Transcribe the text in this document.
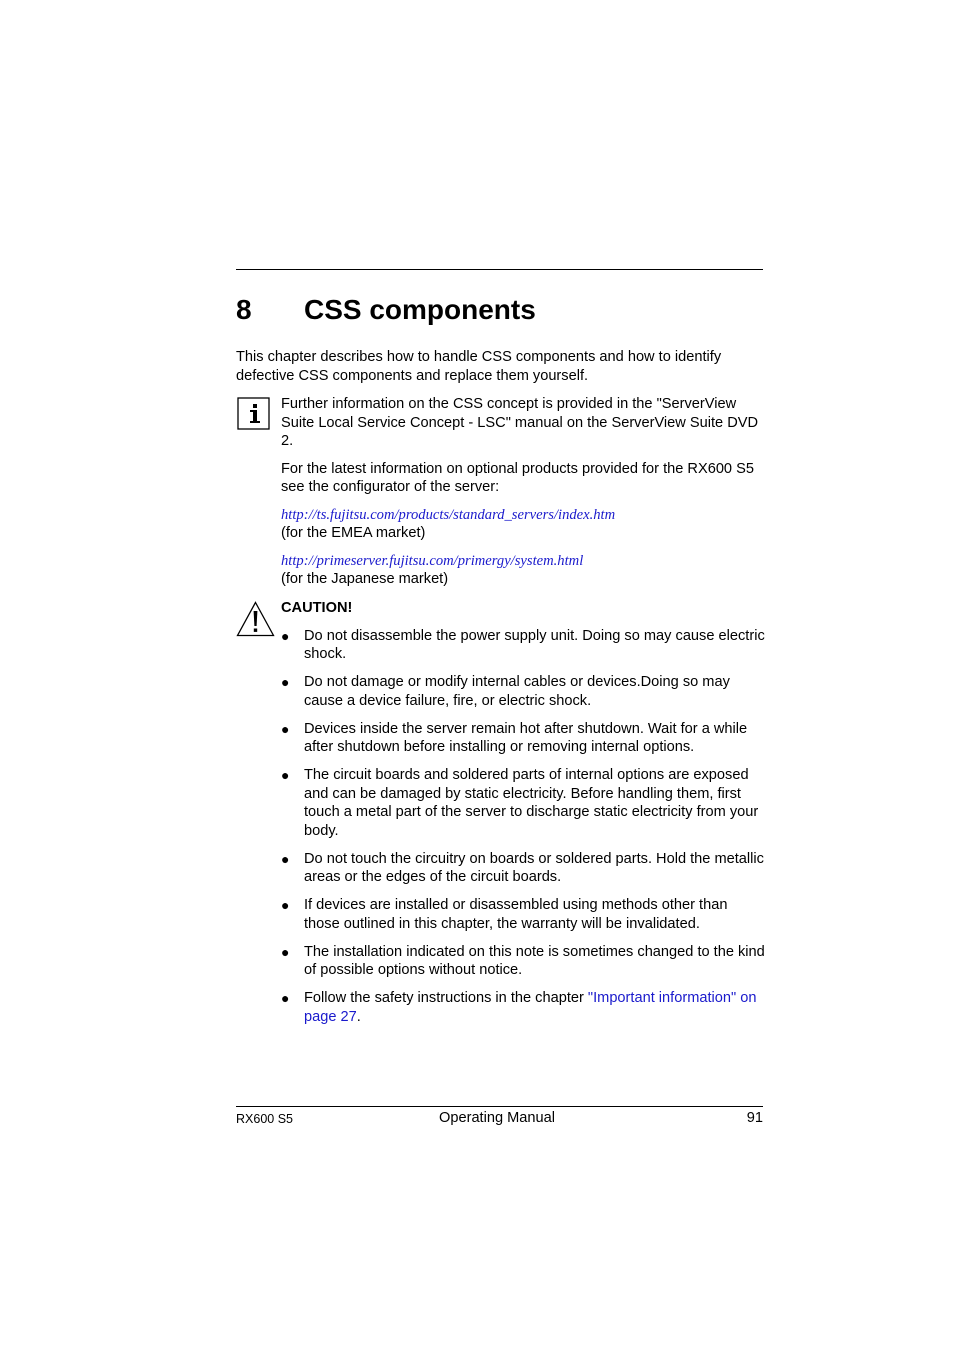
8 CSS components
This chapter describes how to handle CSS components and how to identify defective CSS components and replace them yourself.

Further information on the CSS concept is provided in the "ServerView Suite Local Service Concept - LSC" manual on the ServerView Suite DVD 2.

For the latest information on optional products provided for the RX600 S5 see the configurator of the server:

http://ts.fujitsu.com/products/standard_servers/index.htm
(for the EMEA market)

http://primeserver.fujitsu.com/primergy/system.html
(for the Japanese market)

CAUTION!
● Do not disassemble the power supply unit. Doing so may cause electric shock.
● Do not damage or modify internal cables or devices.Doing so may cause a device failure, fire, or electric shock.
● Devices inside the server remain hot after shutdown. Wait for a while after shutdown before installing or removing internal options.
● The circuit boards and soldered parts of internal options are exposed and can be damaged by static electricity. Before handling them, first touch a metal part of the server to discharge static electricity from your body.
● Do not touch the circuitry on boards or soldered parts. Hold the metallic areas or the edges of the circuit boards.
● If devices are installed or disassembled using methods other than those outlined in this chapter, the warranty will be invalidated.
● The installation indicated on this note is sometimes changed to the kind of possible options without notice.
● Follow the safety instructions in the chapter "Important information" on page 27.
RX600 S5	Operating Manual	91
